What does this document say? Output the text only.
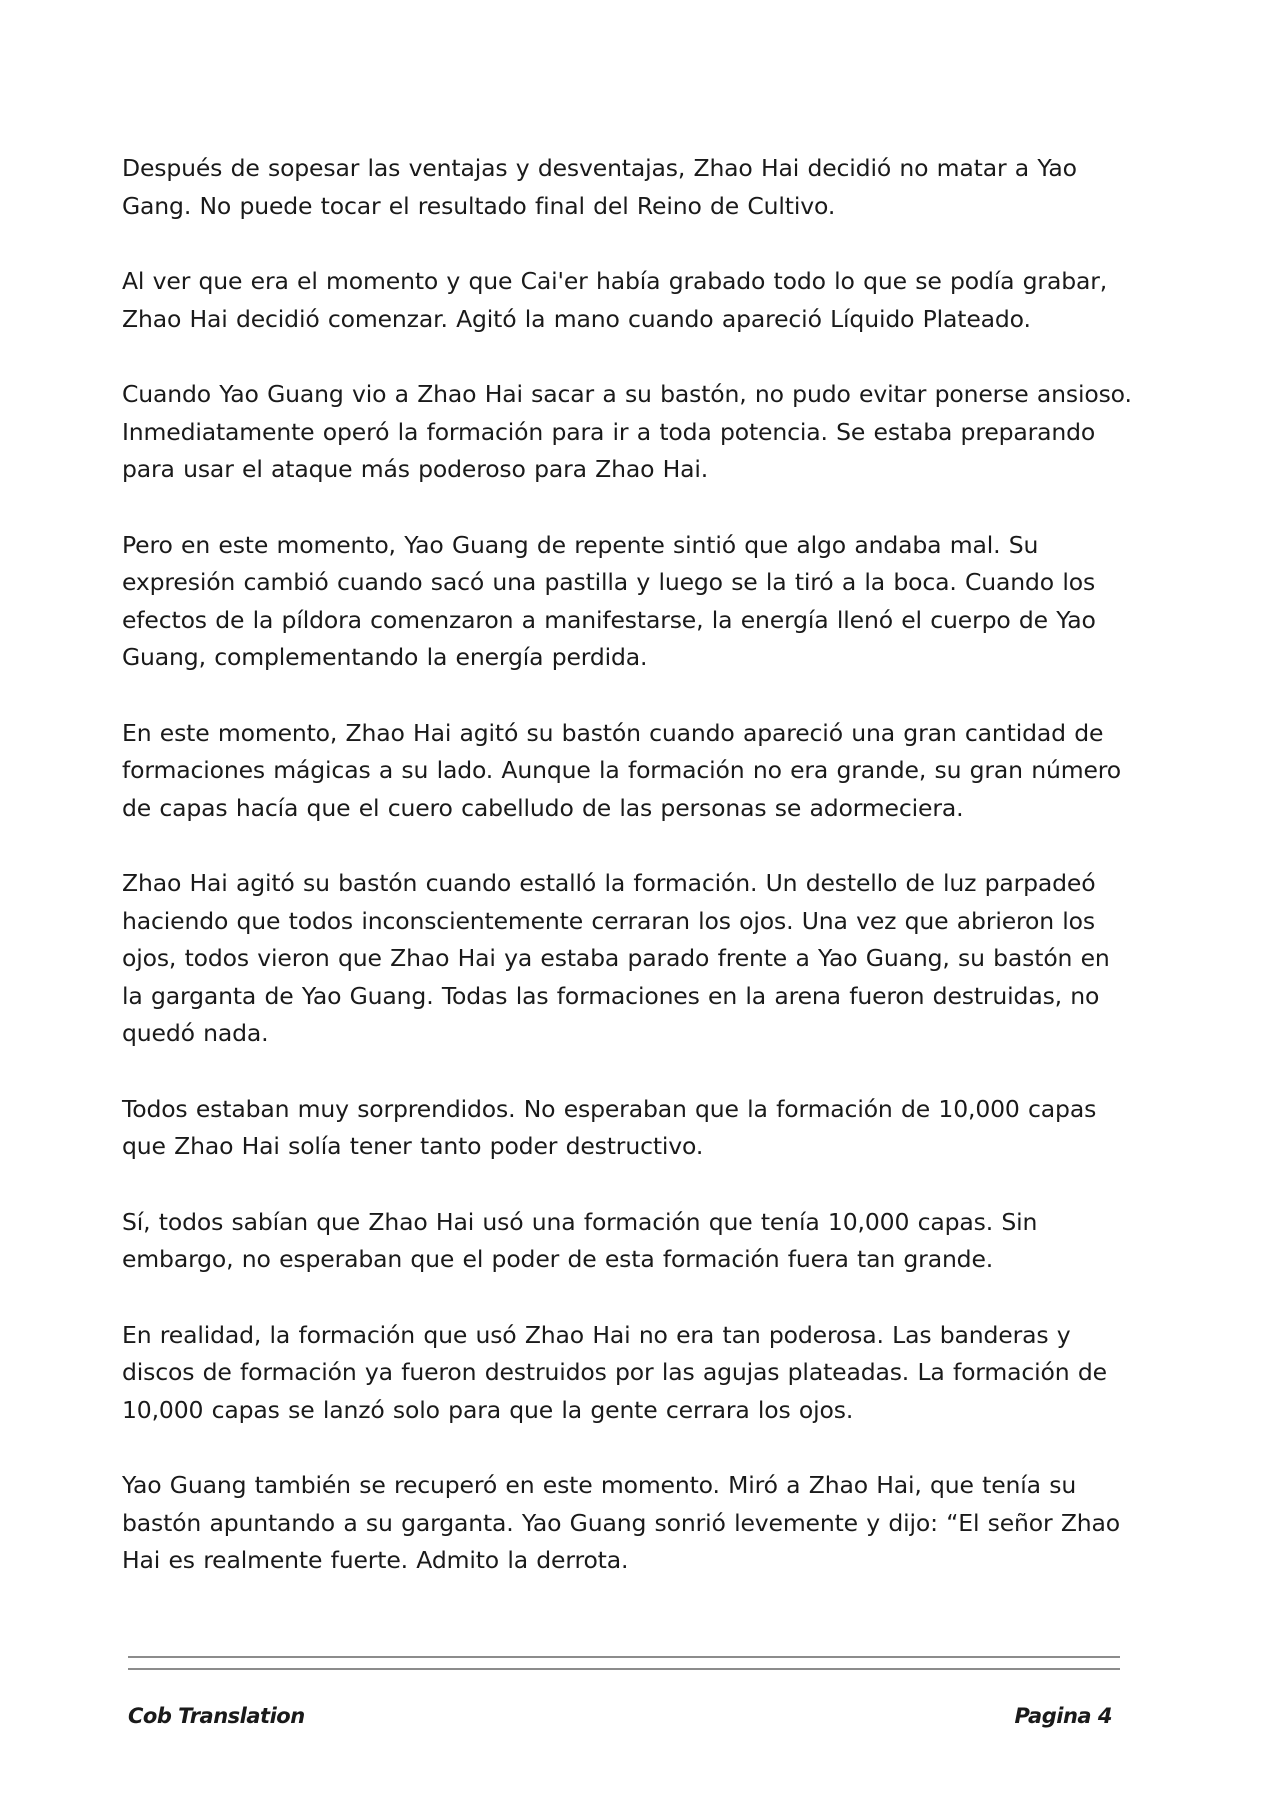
Después de sopesar las ventajas y desventajas, Zhao Hai decidió no matar a Yao Gang. No puede tocar el resultado final del Reino de Cultivo.

Al ver que era el momento y que Cai'er había grabado todo lo que se podía grabar, Zhao Hai decidió comenzar. Agitó la mano cuando apareció Líquido Plateado.

Cuando Yao Guang vio a Zhao Hai sacar a su bastón, no pudo evitar ponerse ansioso. Inmediatamente operó la formación para ir a toda potencia. Se estaba preparando para usar el ataque más poderoso para Zhao Hai.

Pero en este momento, Yao Guang de repente sintió que algo andaba mal. Su expresión cambió cuando sacó una pastilla y luego se la tiró a la boca. Cuando los efectos de la píldora comenzaron a manifestarse, la energía llenó el cuerpo de Yao Guang, complementando la energía perdida.

En este momento, Zhao Hai agitó su bastón cuando apareció una gran cantidad de formaciones mágicas a su lado. Aunque la formación no era grande, su gran número de capas hacía que el cuero cabelludo de las personas se adormeciera.

Zhao Hai agitó su bastón cuando estalló la formación. Un destello de luz parpadeó haciendo que todos inconscientemente cerraran los ojos. Una vez que abrieron los ojos, todos vieron que Zhao Hai ya estaba parado frente a Yao Guang, su bastón en la garganta de Yao Guang. Todas las formaciones en la arena fueron destruidas, no quedó nada.

Todos estaban muy sorprendidos. No esperaban que la formación de 10,000 capas que Zhao Hai solía tener tanto poder destructivo.

Sí, todos sabían que Zhao Hai usó una formación que tenía 10,000 capas. Sin embargo, no esperaban que el poder de esta formación fuera tan grande.

En realidad, la formación que usó Zhao Hai no era tan poderosa. Las banderas y discos de formación ya fueron destruidos por las agujas plateadas. La formación de 10,000 capas se lanzó solo para que la gente cerrara los ojos.

Yao Guang también se recuperó en este momento. Miró a Zhao Hai, que tenía su bastón apuntando a su garganta. Yao Guang sonrió levemente y dijo: “El señor Zhao Hai es realmente fuerte. Admito la derrota.

Cob Translation	Pagina 4
